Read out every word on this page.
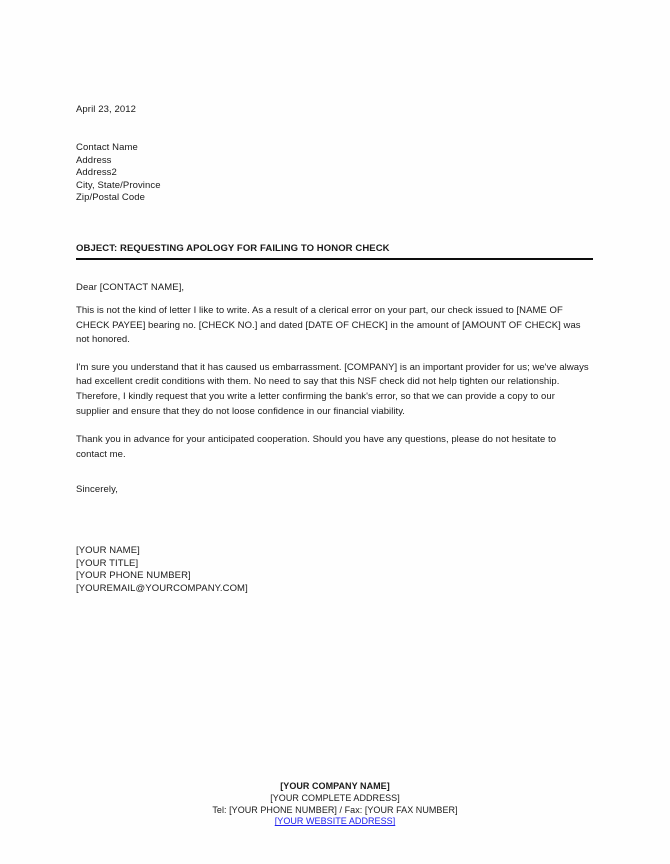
April 23, 2012
Contact Name
Address
Address2
City, State/Province
Zip/Postal Code
OBJECT: REQUESTING APOLOGY FOR FAILING TO HONOR CHECK
Dear [CONTACT NAME],

This is not the kind of letter I like to write. As a result of a clerical error on your part, our check issued to [NAME OF CHECK PAYEE] bearing no. [CHECK NO.] and dated [DATE OF CHECK] in the amount of [AMOUNT OF CHECK] was not honored.

I'm sure you understand that it has caused us embarrassment. [COMPANY] is an important provider for us; we've always had excellent credit conditions with them. No need to say that this NSF check did not help tighten our relationship. Therefore, I kindly request that you write a letter confirming the bank's error, so that we can provide a copy to our supplier and ensure that they do not loose confidence in our financial viability.

Thank you in advance for your anticipated cooperation. Should you have any questions, please do not hesitate to contact me.

Sincerely,
[YOUR NAME]
[YOUR TITLE]
[YOUR PHONE NUMBER]
[YOUREMAIL@YOURCOMPANY.COM]
[YOUR COMPANY NAME]
[YOUR COMPLETE ADDRESS]
Tel: [YOUR PHONE NUMBER] / Fax: [YOUR FAX NUMBER]
[YOUR WEBSITE ADDRESS]
